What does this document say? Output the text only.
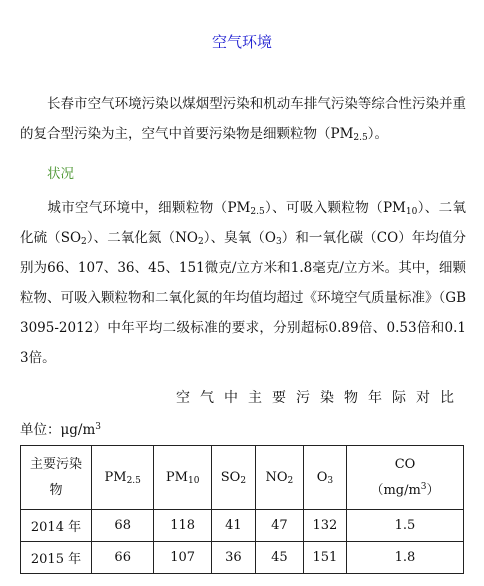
空气环境

长春市空气环境污染以煤烟型污染和机动车排气污染等综合性污染并重的复合型污染为主，空气中首要污染物是细颗粒物$(PM_{2.5})$。

状况

城市空气环境中，细颗粒物$(PM_{2.5})$、可吸入颗粒物$(PM_{10})$、二氧化硫$(SO_2)$、二氧化氮$(NO_2)$、臭氧$(O_3)$和一氧化碳（CO）年均值分别为66、107、36、45、151微克/立方米和1.8毫克/立方米。其中，细颗粒物、可吸入颗粒物和二氧化氮的年均值均超过《环境空气质量标准》（GB3095-2012）中年平均二级标准的要求，分别超标0.89倍、0.53倍和0.13倍。

空气中主要污染物年际对比
单位：$\mu g/m^3$
主要污染
物	$PM_{2.5}$	$PM_{10}$	$SO_2$	$NO_2$	$O_3$	CO
$(mg/m^3)$
2014 年	68	118	41	47	132	1.5
2015 年	66	107	36	45	151	1.8
